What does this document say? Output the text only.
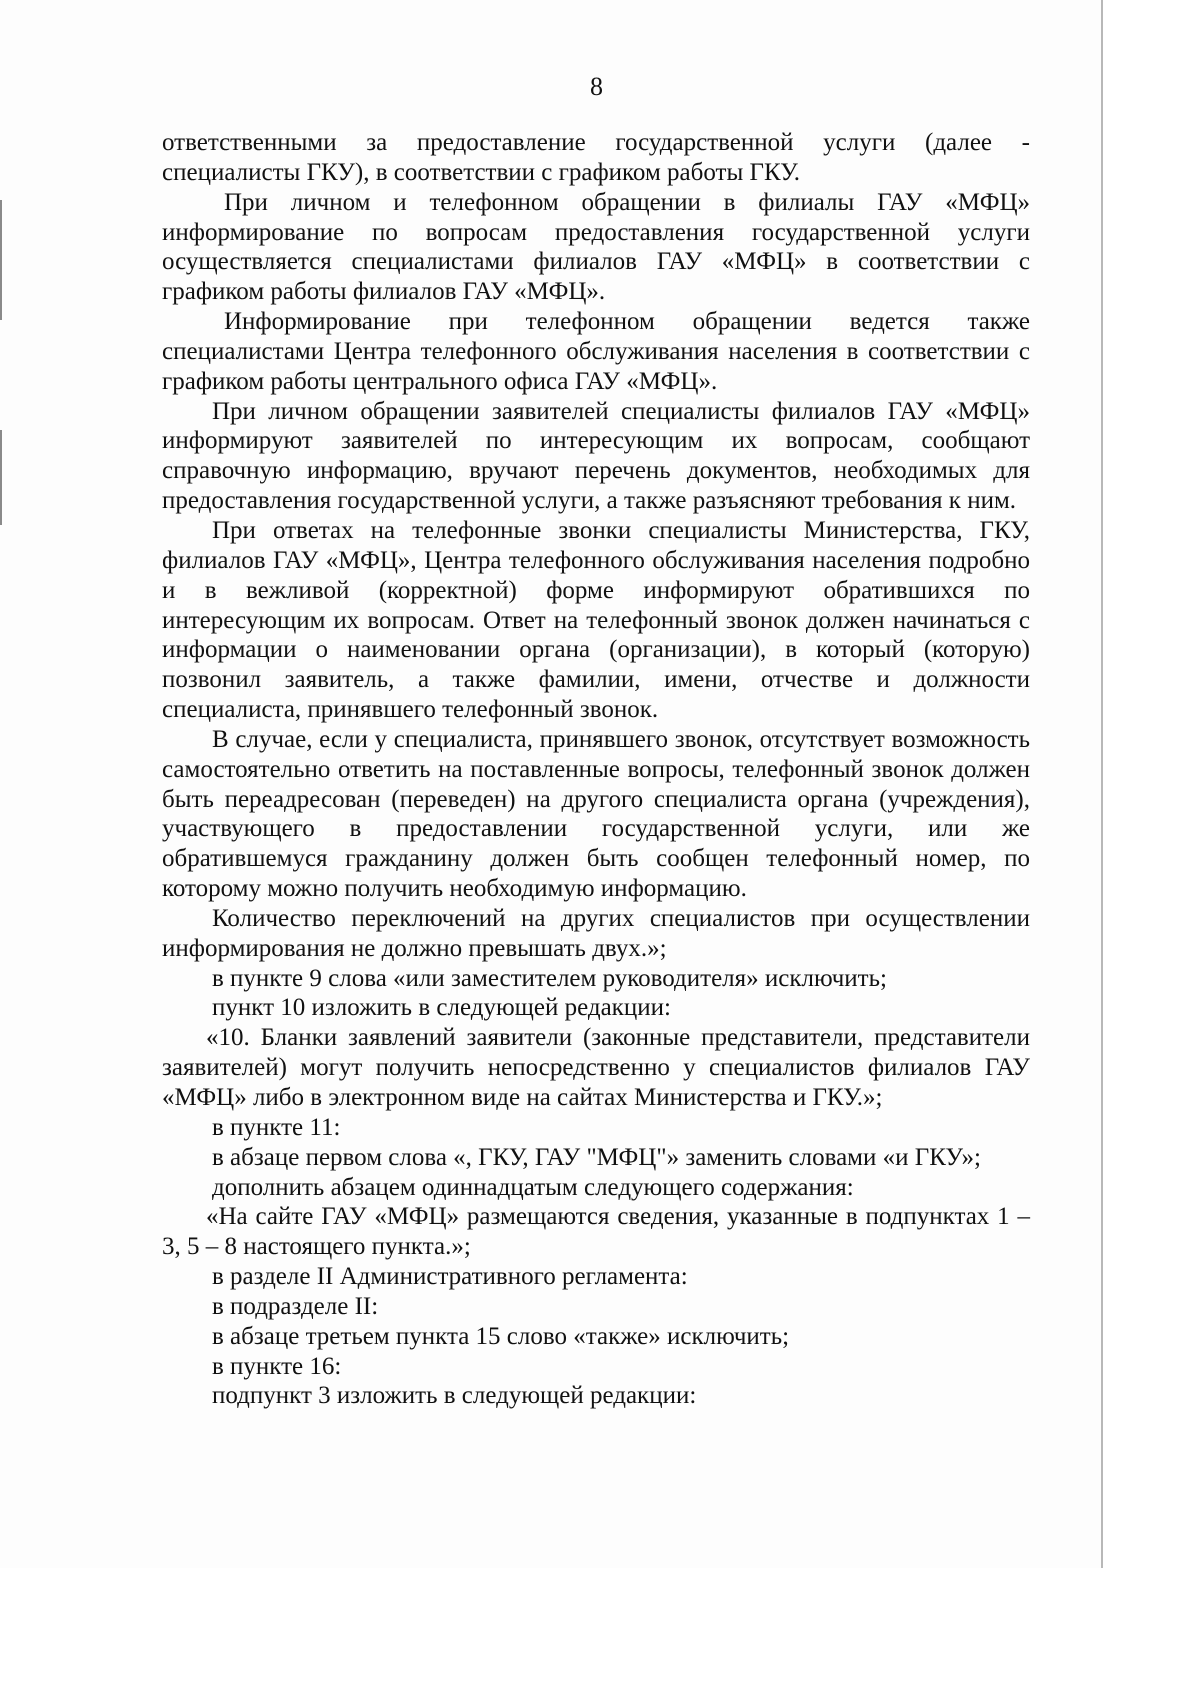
8

ответственными за предоставление государственной услуги (далее - специалисты ГКУ), в соответствии с графиком работы ГКУ.

При личном и телефонном обращении в филиалы ГАУ «МФЦ» информирование по вопросам предоставления государственной услуги осуществляется специалистами филиалов ГАУ «МФЦ» в соответствии с графиком работы филиалов ГАУ «МФЦ».

Информирование при телефонном обращении ведется также специалистами Центра телефонного обслуживания населения в соответствии с графиком работы центрального офиса ГАУ «МФЦ».

При личном обращении заявителей специалисты филиалов ГАУ «МФЦ» информируют заявителей по интересующим их вопросам, сообщают справочную информацию, вручают перечень документов, необходимых для предоставления государственной услуги, а также разъясняют требования к ним.

При ответах на телефонные звонки специалисты Министерства, ГКУ, филиалов ГАУ «МФЦ», Центра телефонного обслуживания населения подробно и в вежливой (корректной) форме информируют обратившихся по интересующим их вопросам. Ответ на телефонный звонок должен начинаться с информации о наименовании органа (организации), в который (которую) позвонил заявитель, а также фамилии, имени, отчестве и должности специалиста, принявшего телефонный звонок.

В случае, если у специалиста, принявшего звонок, отсутствует возможность самостоятельно ответить на поставленные вопросы, телефонный звонок должен быть переадресован (переведен) на другого специалиста органа (учреждения), участвующего в предоставлении государственной услуги, или же обратившемуся гражданину должен быть сообщен телефонный номер, по которому можно получить необходимую информацию.

Количество переключений на других специалистов при осуществлении информирования не должно превышать двух.»;

в пункте 9 слова «или заместителем руководителя» исключить;

пункт 10 изложить в следующей редакции:

«10. Бланки заявлений заявители (законные представители, представители заявителей) могут получить непосредственно у специалистов филиалов ГАУ «МФЦ» либо в электронном виде на сайтах Министерства и ГКУ.»;

в пункте 11:

в абзаце первом слова «, ГКУ, ГАУ "МФЦ"» заменить словами «и ГКУ»;

дополнить абзацем одиннадцатым следующего содержания:

«На сайте ГАУ «МФЦ» размещаются сведения, указанные в подпунктах 1 – 3, 5 – 8 настоящего пункта.»;

в разделе II Административного регламента:

в подразделе II:

в абзаце третьем пункта 15 слово «также» исключить;

в пункте 16:

подпункт 3 изложить в следующей редакции:
